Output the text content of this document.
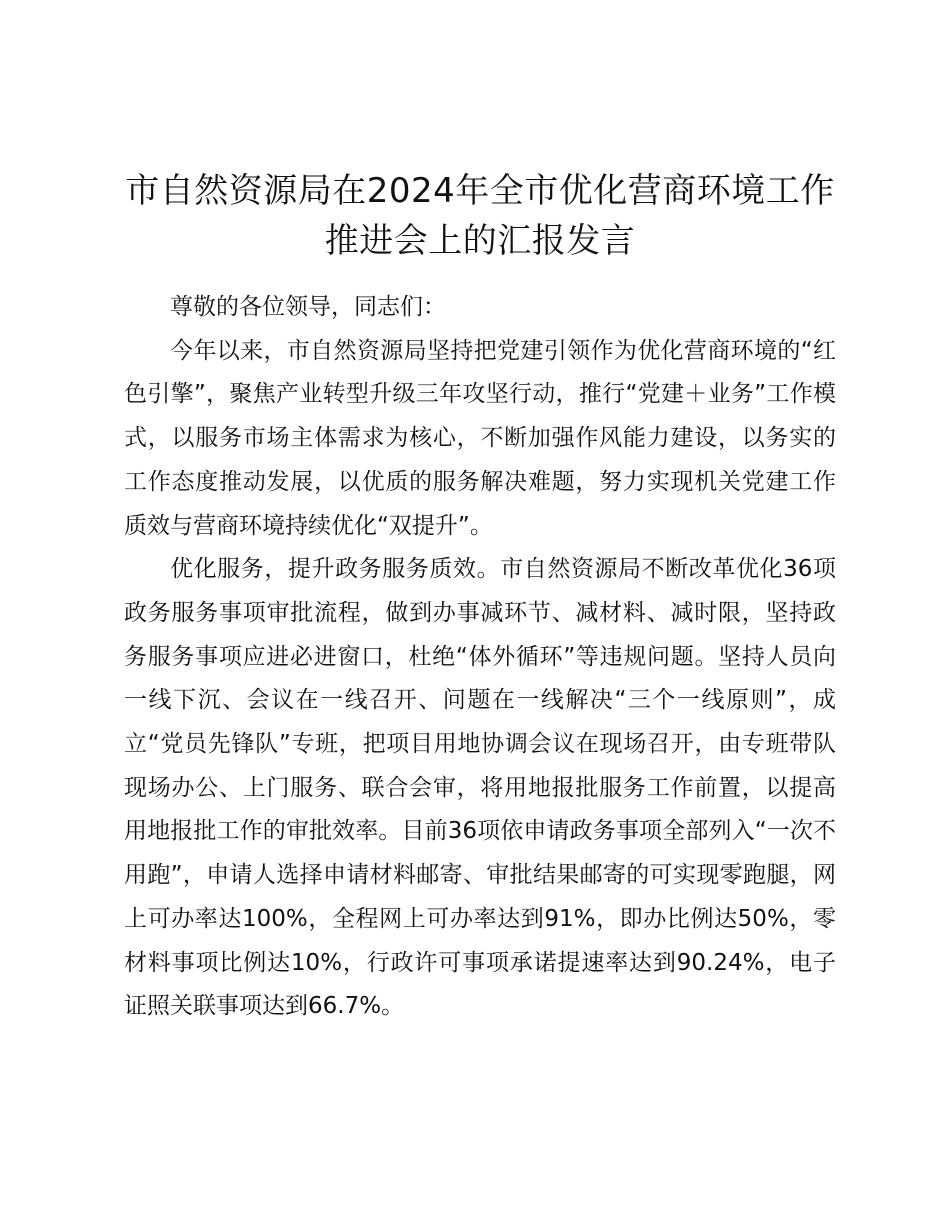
市自然资源局在2024年全市优化营商环境工作推进会上的汇报发言

尊敬的各位领导，同志们：

今年以来，市自然资源局坚持把党建引领作为优化营商环境的“红色引擎”，聚焦产业转型升级三年攻坚行动，推行“党建＋业务”工作模式，以服务市场主体需求为核心，不断加强作风能力建设，以务实的工作态度推动发展，以优质的服务解决难题，努力实现机关党建工作质效与营商环境持续优化“双提升”。

优化服务，提升政务服务质效。市自然资源局不断改革优化36项政务服务事项审批流程，做到办事减环节、减材料、减时限，坚持政务服务事项应进必进窗口，杜绝“体外循环”等违规问题。坚持人员向一线下沉、会议在一线召开、问题在一线解决“三个一线原则”，成立“党员先锋队”专班，把项目用地协调会议在现场召开，由专班带队现场办公、上门服务、联合会审，将用地报批服务工作前置，以提高用地报批工作的审批效率。目前36项依申请政务事项全部列入“一次不用跑”，申请人选择申请材料邮寄、审批结果邮寄的可实现零跑腿，网上可办率达100%，全程网上可办率达到91%，即办比例达50%，零材料事项比例达10%，行政许可事项承诺提速率达到90.24%，电子证照关联事项达到66.7%。
